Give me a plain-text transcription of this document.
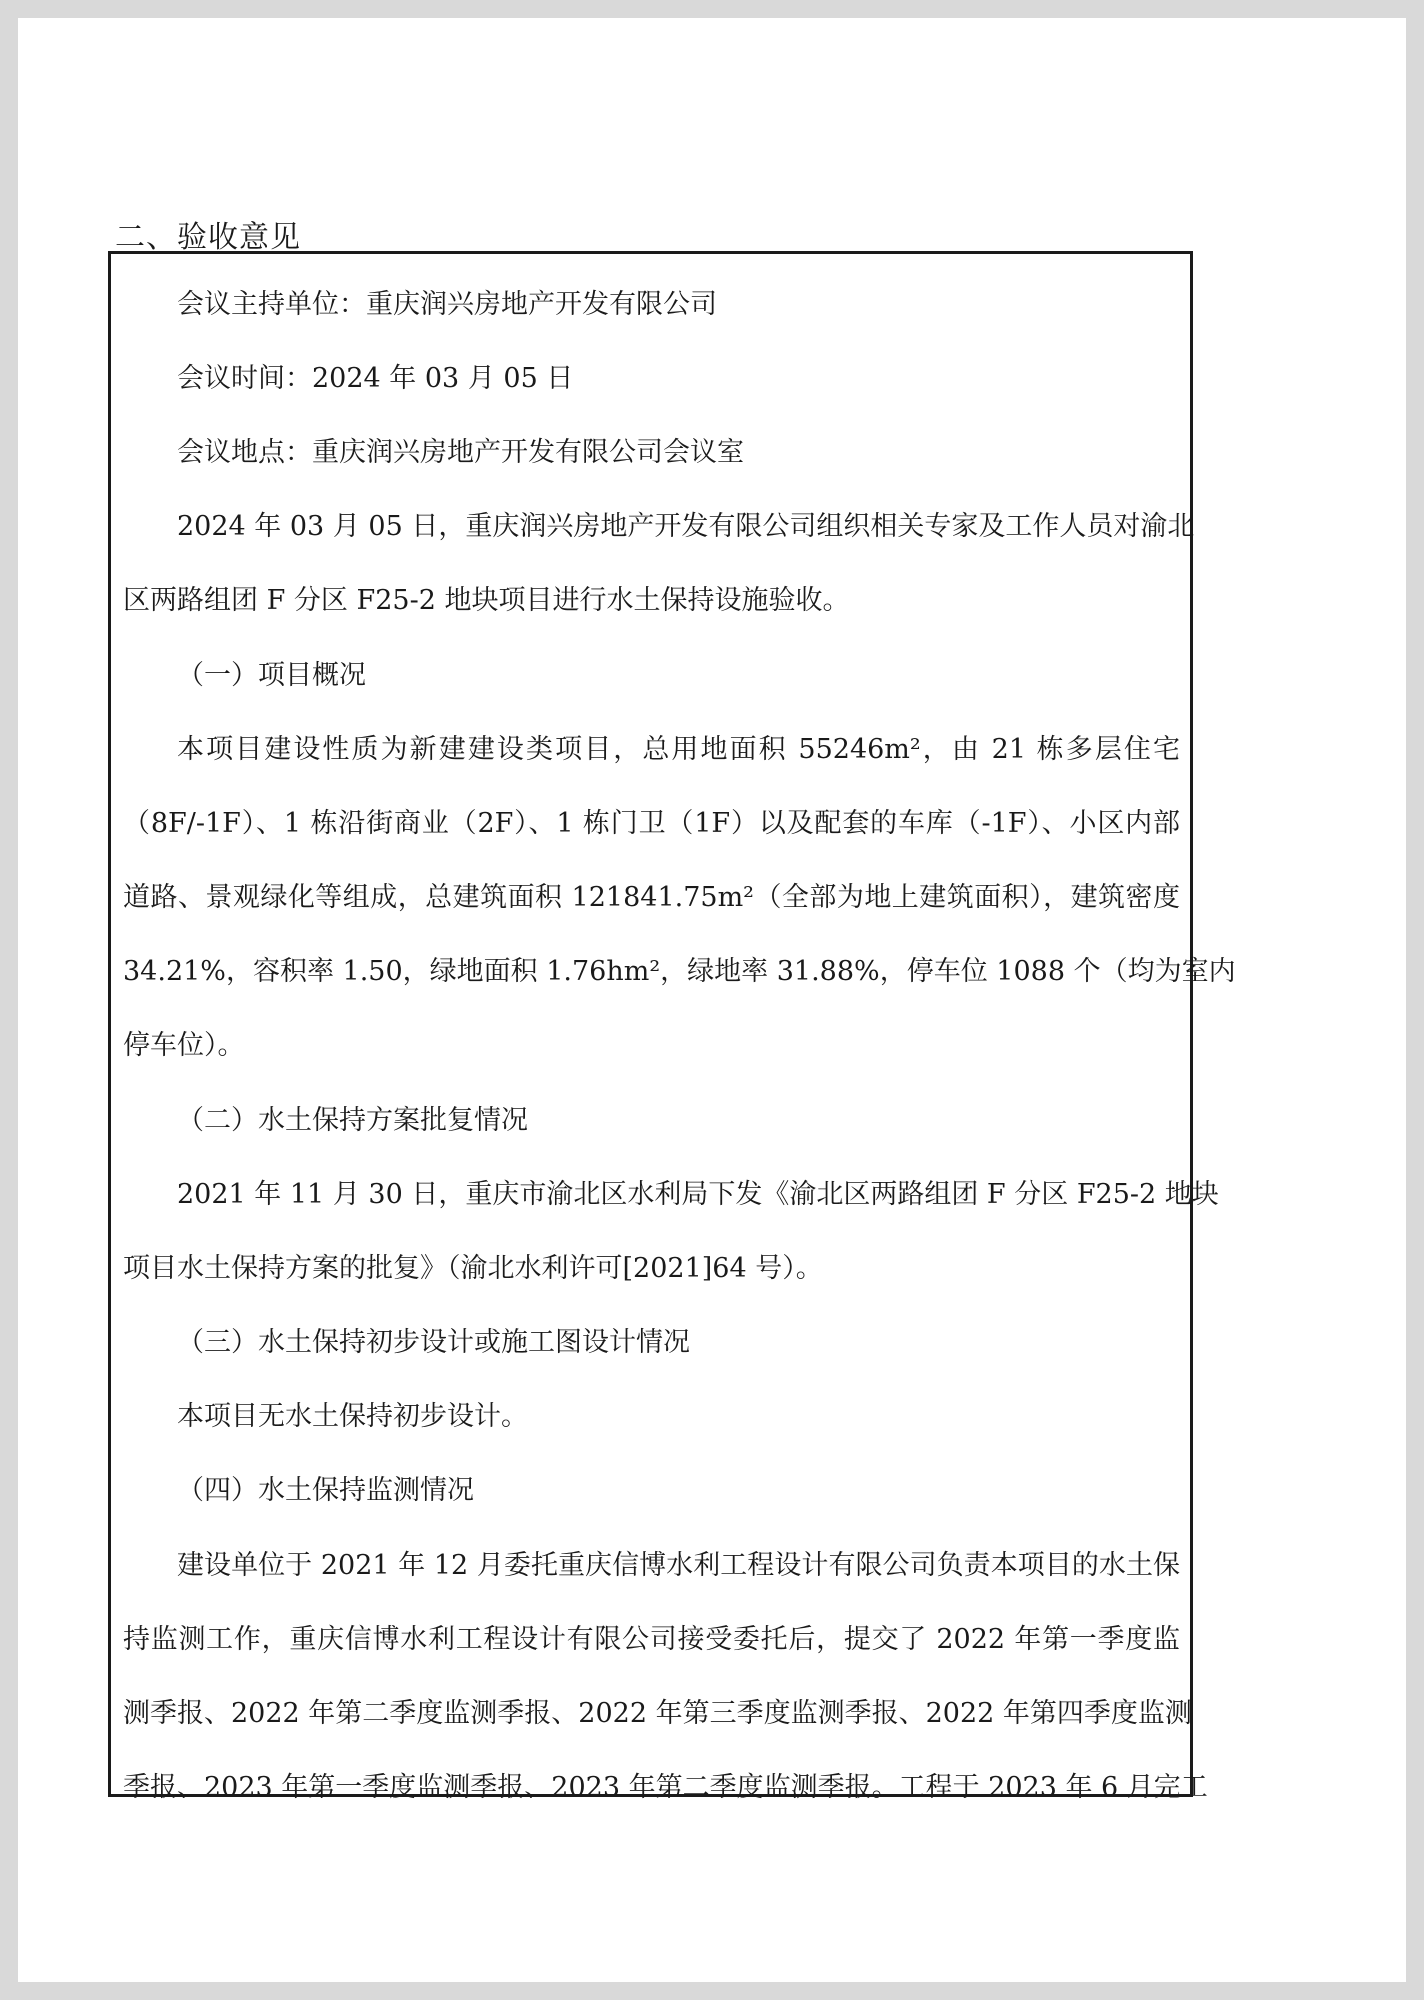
二、验收意见
会议主持单位：重庆润兴房地产开发有限公司
会议时间：2024 年 03 月 05 日
会议地点：重庆润兴房地产开发有限公司会议室
2024 年 03 月 05 日，重庆润兴房地产开发有限公司组织相关专家及工作人员对渝北
区两路组团 F 分区 F25-2 地块项目进行水土保持设施验收。
（一）项目概况
本项目建设性质为新建建设类项目，总用地面积 55246m²，由 21 栋多层住宅
（8F/-1F）、1 栋沿街商业（2F）、1 栋门卫（1F）以及配套的车库（-1F）、小区内部
道路、景观绿化等组成，总建筑面积 121841.75m²（全部为地上建筑面积），建筑密度
34.21%，容积率 1.50，绿地面积 1.76hm²，绿地率 31.88%，停车位 1088 个（均为室内
停车位）。
（二）水土保持方案批复情况
2021 年 11 月 30 日，重庆市渝北区水利局下发《渝北区两路组团 F 分区 F25-2 地块
项目水土保持方案的批复》（渝北水利许可[2021]64 号）。
（三）水土保持初步设计或施工图设计情况
本项目无水土保持初步设计。
（四）水土保持监测情况
建设单位于 2021 年 12 月委托重庆信博水利工程设计有限公司负责本项目的水土保
持监测工作，重庆信博水利工程设计有限公司接受委托后，提交了 2022 年第一季度监
测季报、2022 年第二季度监测季报、2022 年第三季度监测季报、2022 年第四季度监测
季报、2023 年第一季度监测季报、2023 年第二季度监测季报。工程于 2023 年 6 月完工
